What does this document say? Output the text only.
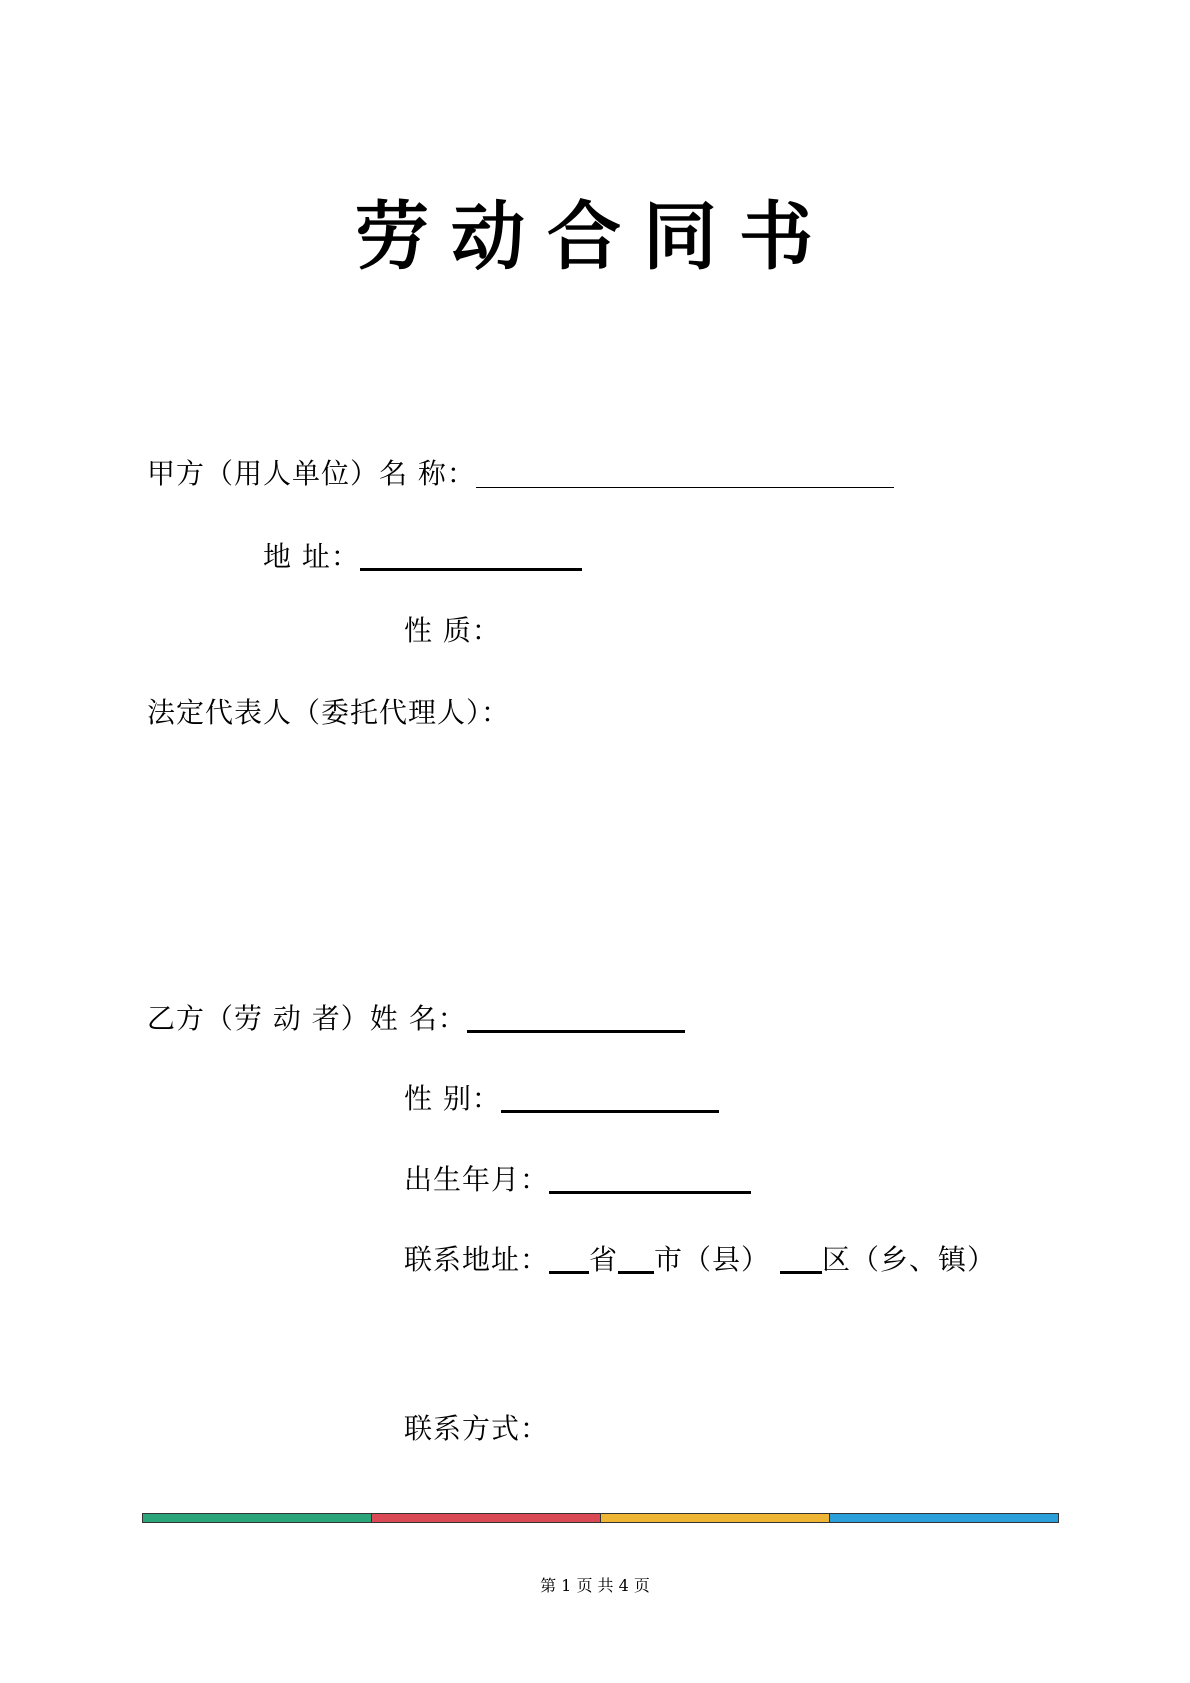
劳动合同书
甲方（用人单位）名 称：
地 址：
性 质：
法定代表人（委托代理人）：
乙方（劳 动 者）姓 名：
性 别：
出生年月：
联系地址： 省 市（县） 区（乡、镇）
联系方式：
第 1 页 共 4 页
